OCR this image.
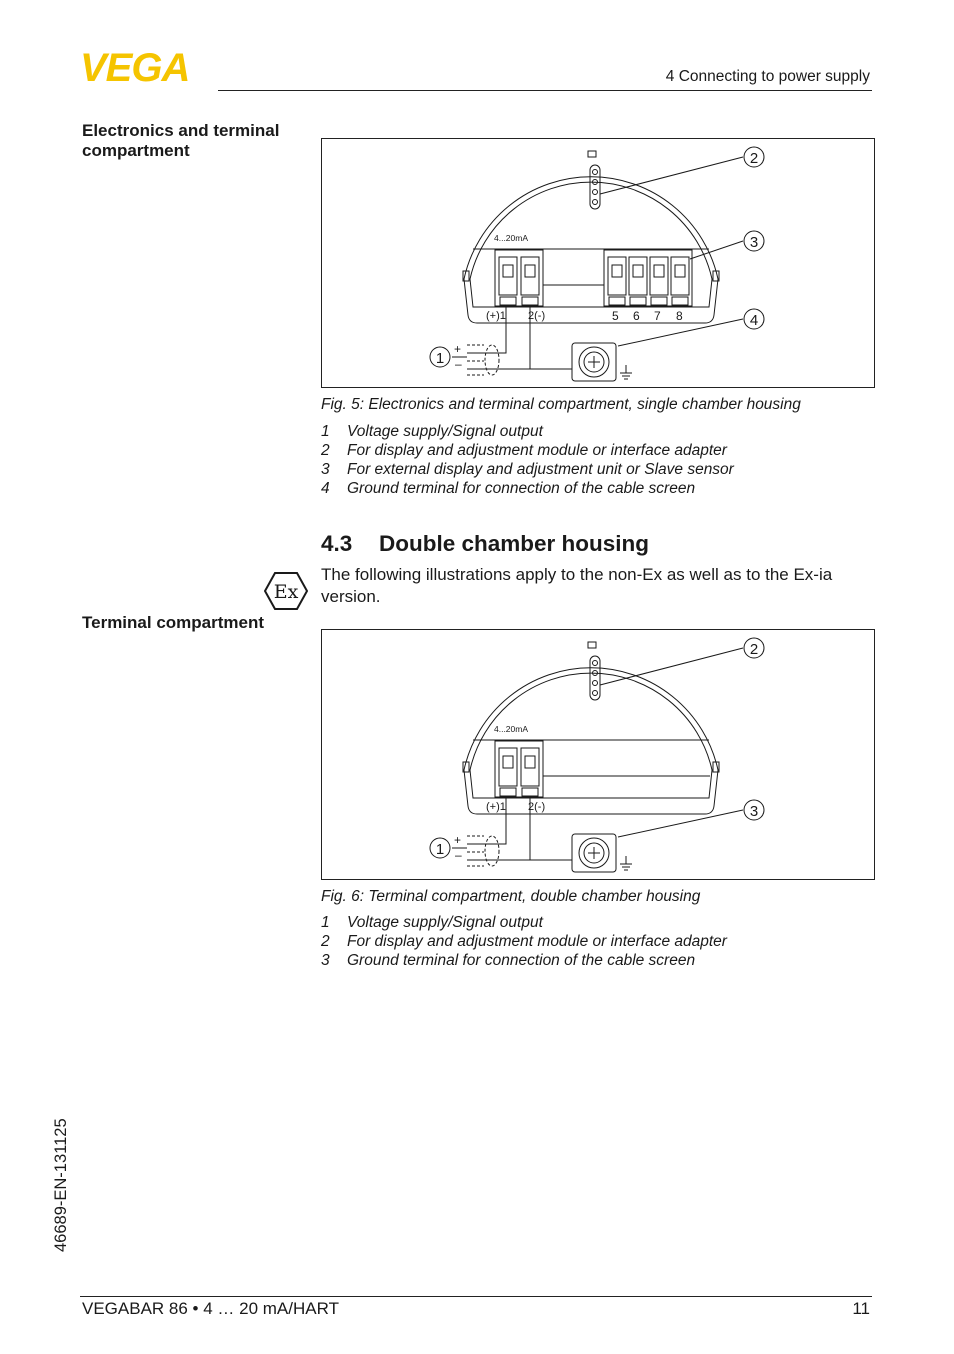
VEGA	4 Connecting to power supply
Electronics and terminal compartment
4...20mA
(+)1 2(-)	5 6 7 8
+
–
2
3
4
1
Fig. 5: Electronics and terminal compartment, single chamber housing
1	Voltage supply/Signal output
2	For display and adjustment module or interface adapter
3	For external display and adjustment unit or Slave sensor
4	Ground terminal for connection of the cable screen
4.3 Double chamber housing
Ex
The following illustrations apply to the non-Ex as well as to the Ex-ia version.
Terminal compartment
4...20mA
(+)1 2(-)
+
–
2
3
1
Fig. 6: Terminal compartment, double chamber housing
1	Voltage supply/Signal output
2	For display and adjustment module or interface adapter
3	Ground terminal for connection of the cable screen
46689-EN-131125
VEGABAR 86 • 4 … 20 mA/HART	11
